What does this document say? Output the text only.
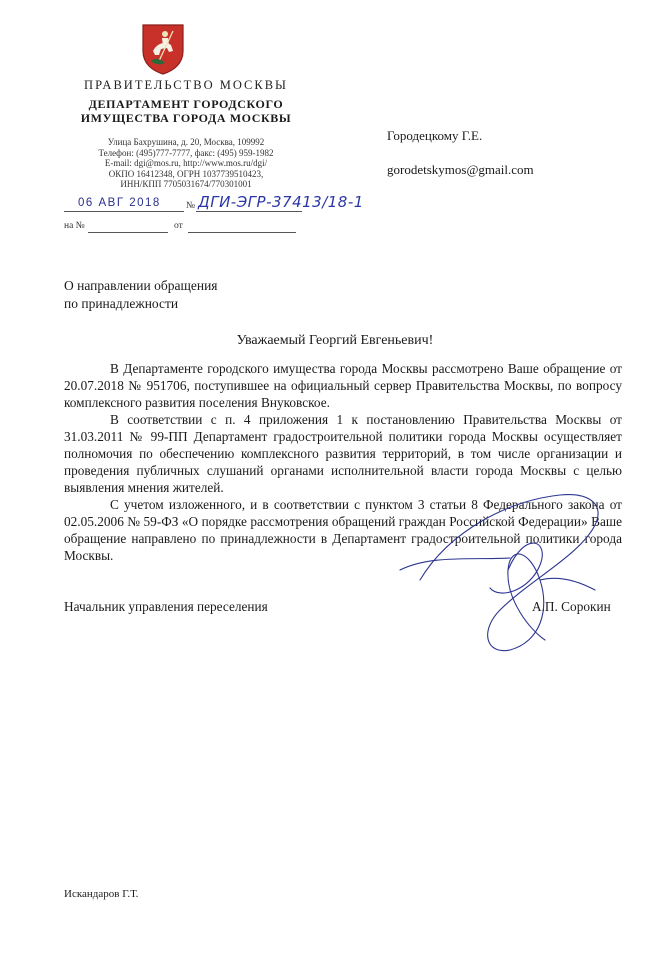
ПРАВИТЕЛЬСТВО МОСКВЫ
ДЕПАРТАМЕНТ ГОРОДСКОГО
ИМУЩЕСТВА ГОРОДА МОСКВЫ
Улица Бахрушина, д. 20, Москва, 109992
Телефон: (495)777-7777, факс: (495) 959-1982
E-mail: dgi@mos.ru, http://www.mos.ru/dgi/
ОКПО 16412348, ОГРН 1037739510423,
ИНН/КПП 7705031674/770301001
06 АВГ 2018	№ ДГИ-ЭГР-37413/18-1
на №	от
Городецкому Г.Е.
gorodetskymos@gmail.com
О направлении обращения
по принадлежности
Уважаемый Георгий Евгеньевич!

В Департаменте городского имущества города Москвы рассмотрено Ваше обращение от 20.07.2018 № 951706, поступившее на официальный сервер Правительства Москвы, по вопросу комплексного развития поселения Внуковское.

В соответствии с п. 4 приложения 1 к постановлению Правительства Москвы от 31.03.2011 № 99-ПП Департамент градостроительной политики города Москвы осуществляет полномочия по обеспечению комплексного развития территорий, в том числе организации и проведения публичных слушаний органами исполнительной власти города Москвы с целью выявления мнения жителей.

С учетом изложенного, и в соответствии с пунктом 3 статьи 8 Федерального закона от 02.05.2006 № 59-ФЗ «О порядке рассмотрения обращений граждан Российской Федерации» Ваше обращение направлено по принадлежности в Департамент градостроительной политики города Москвы.

Начальник управления переселения	А.П. Сорокин
Искандаров Г.Т.
